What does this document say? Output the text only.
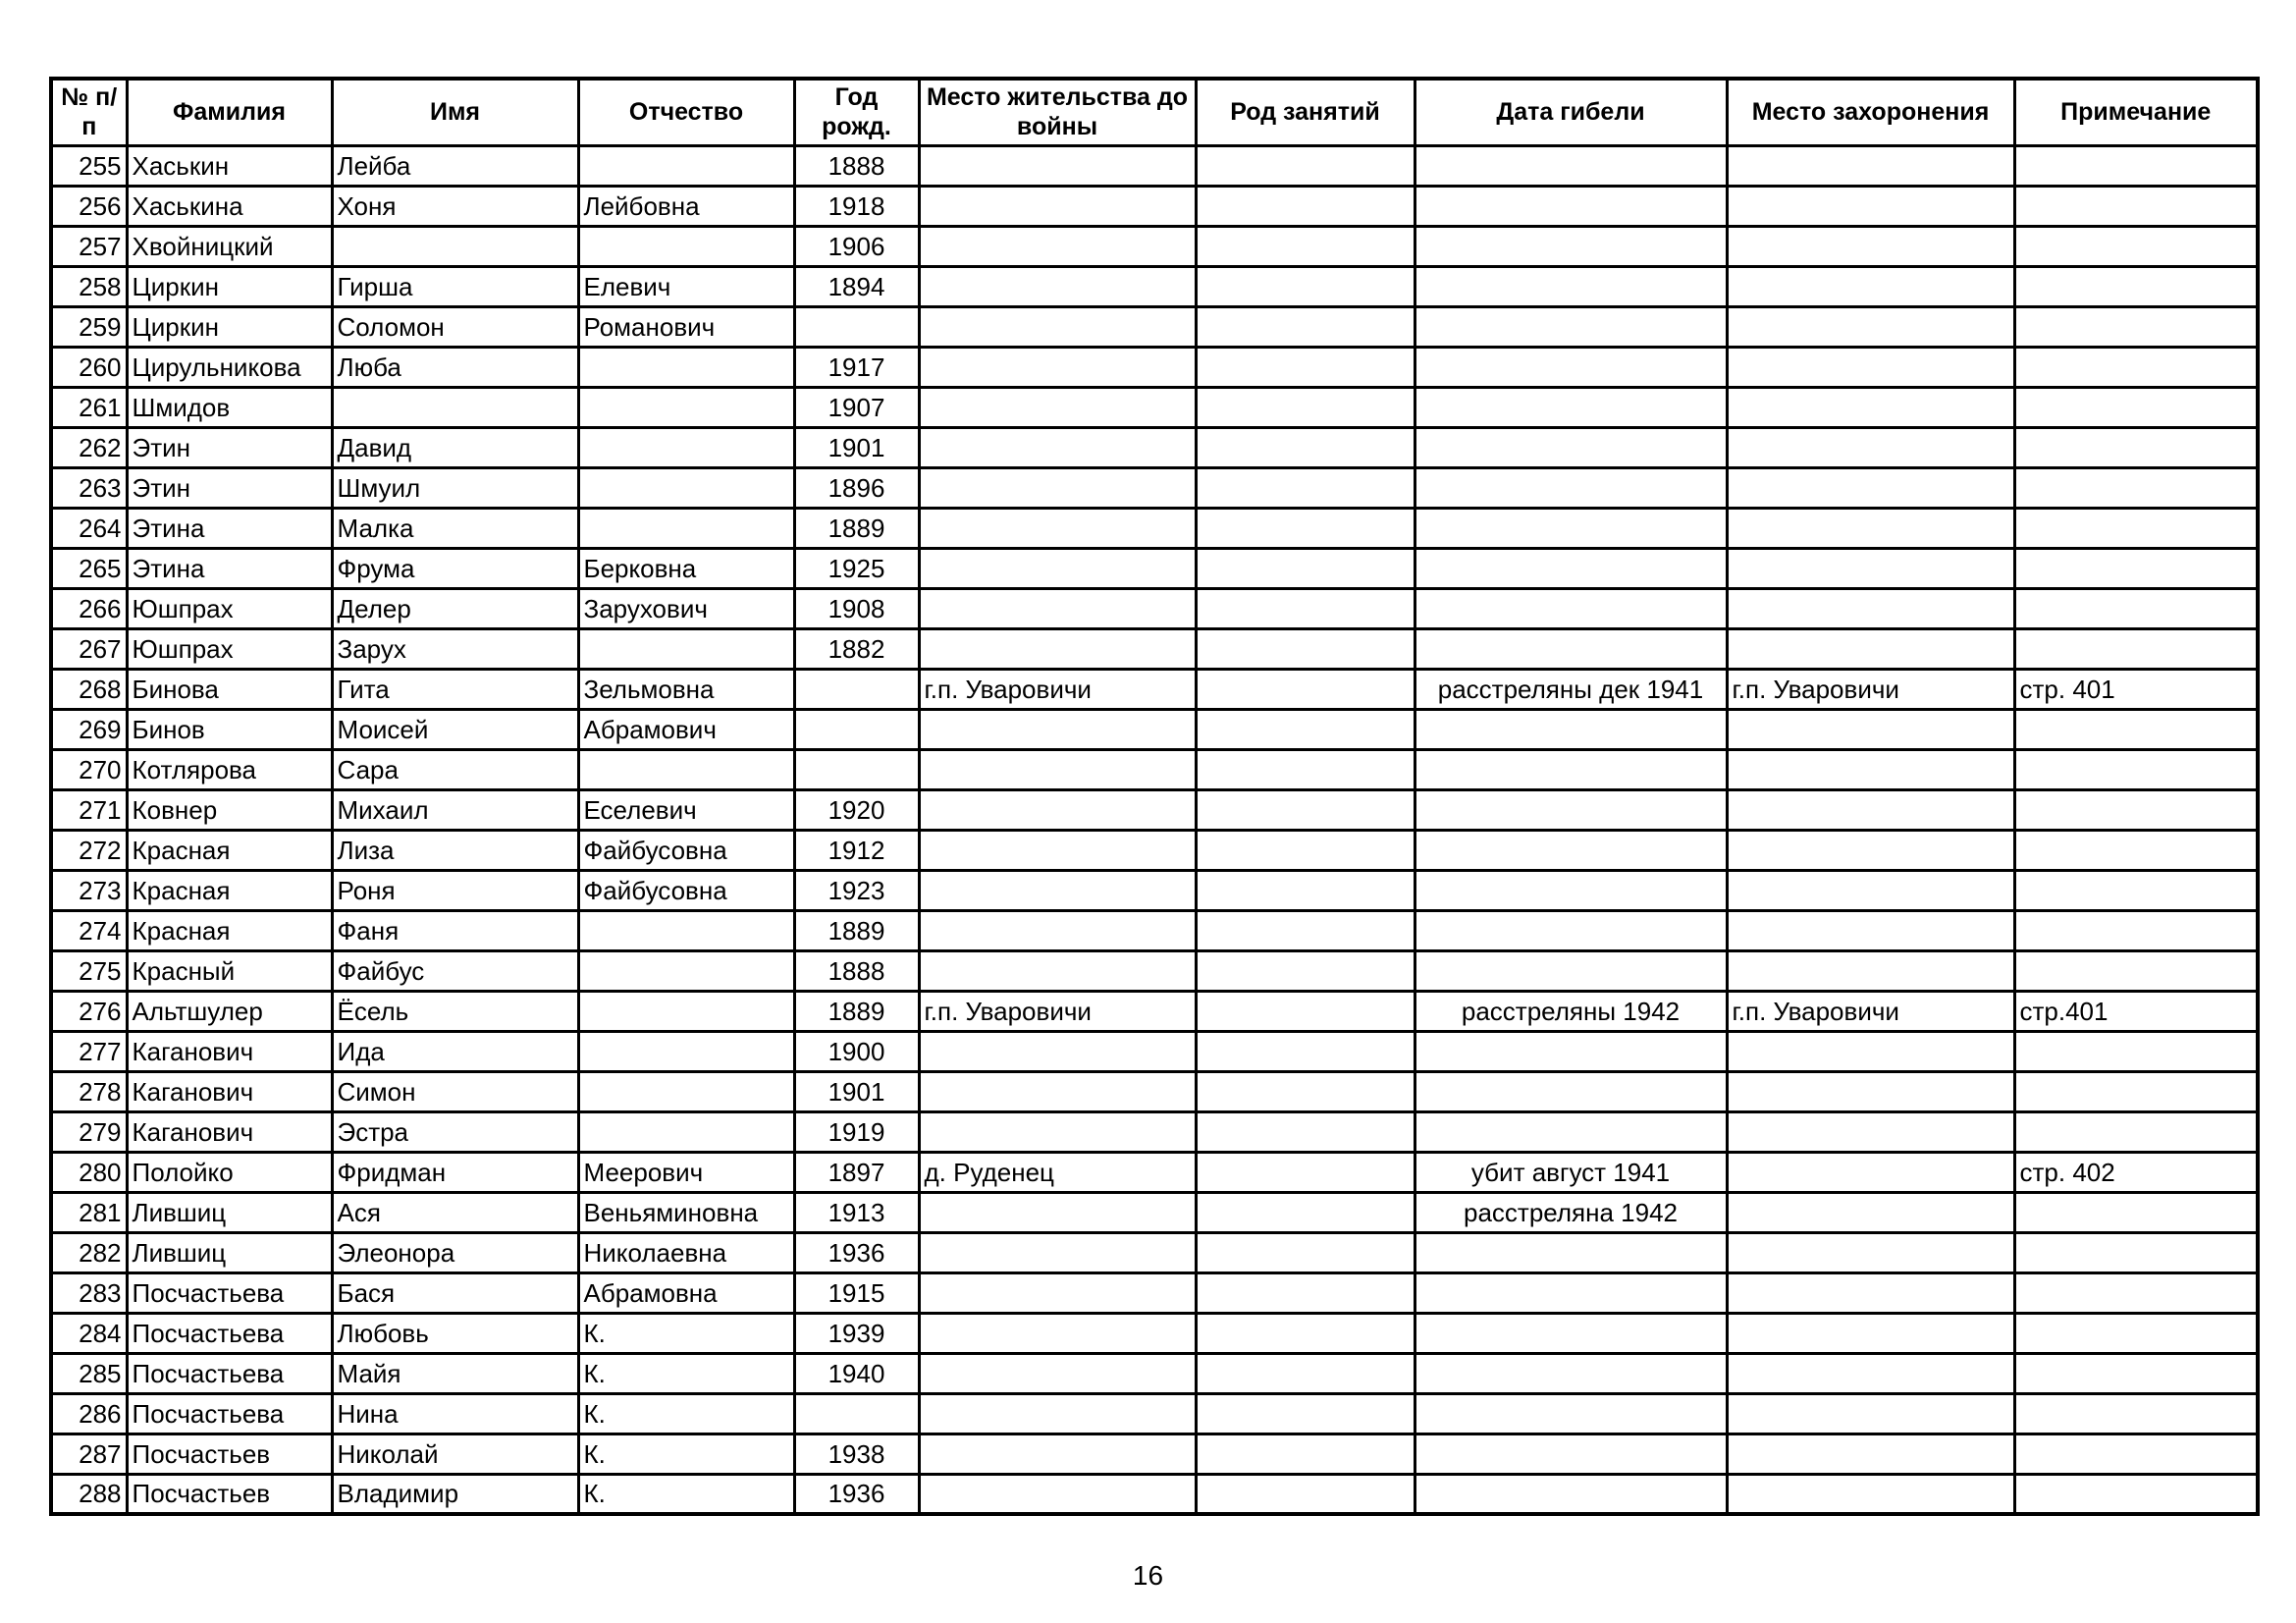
№ п/п	Фамилия	Имя	Отчество	Год рожд.	Место жительства до войны	Род занятий	Дата гибели	Место захоронения	Примечание
255	Хаськин	Лейба		1888					
256	Хаськина	Хоня	Лейбовна	1918					
257	Хвойницкий			1906					
258	Циркин	Гирша	Елевич	1894					
259	Циркин	Соломон	Романович						
260	Цирульникова	Люба		1917					
261	Шмидов			1907					
262	Этин	Давид		1901					
263	Этин	Шмуил		1896					
264	Этина	Малка		1889					
265	Этина	Фрума	Берковна	1925					
266	Юшпрах	Делер	Зарухович	1908					
267	Юшпрах	Зарух		1882					
268	Бинова	Гита	Зельмовна		г.п. Уваровичи		расстреляны дек 1941	г.п. Уваровичи	стр. 401
269	Бинов	Моисей	Абрамович						
270	Котлярова	Сара							
271	Ковнер	Михаил	Еселевич	1920					
272	Красная	Лиза	Файбусовна	1912					
273	Красная	Роня	Файбусовна	1923					
274	Красная	Фаня		1889					
275	Красный	Файбус		1888					
276	Альтшулер	Ёсель		1889	г.п. Уваровичи		расстреляны 1942	г.п. Уваровичи	стр.401
277	Каганович	Ида		1900					
278	Каганович	Симон		1901					
279	Каганович	Эстра		1919					
280	Полойко	Фридман	Меерович	1897	д. Руденец		убит август 1941		стр. 402
281	Лившиц	Ася	Веньяминовна	1913			расстреляна 1942		
282	Лившиц	Элеонора	Николаевна	1936					
283	Посчастьева	Бася	Абрамовна	1915					
284	Посчастьева	Любовь	К.	1939					
285	Посчастьева	Майя	К.	1940					
286	Посчастьева	Нина	К.						
287	Посчастьев	Николай	К.	1938					
288	Посчастьев	Владимир	К.	1936					
16
